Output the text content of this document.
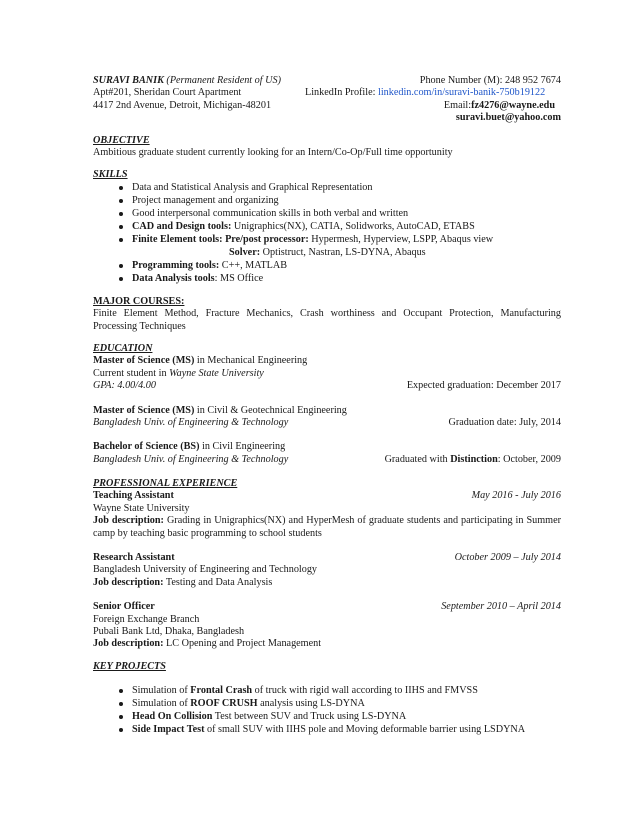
SURAVI BANIK (Permanent Resident of US)	Phone Number (M): 248 952 7674
Apt#201, Sheridan Court Apartment	LinkedIn Profile: linkedin.com/in/suravi-banik-750b19122
4417 2nd Avenue, Detroit, Michigan-48201	Email:fz4276@wayne.edu
suravi.buet@yahoo.com
OBJECTIVE
Ambitious graduate student currently looking for an Intern/Co-Op/Full time opportunity
SKILLS
Data and Statistical Analysis and Graphical Representation
Project management and organizing
Good interpersonal communication skills in both verbal and written
CAD and Design tools: Unigraphics(NX), CATIA, Solidworks, AutoCAD, ETABS
Finite Element tools: Pre/post processor: Hypermesh, Hyperview, LSPP, Abaqus view
Solver: Optistruct, Nastran, LS-DYNA, Abaqus
Programming tools: C++, MATLAB
Data Analysis tools: MS Office
MAJOR COURSES:
Finite Element Method, Fracture Mechanics, Crash worthiness and Occupant Protection, Manufacturing Processing Techniques
EDUCATION
Master of Science (MS) in Mechanical Engineering
Current student in Wayne State University
GPA: 4.00/4.00	Expected graduation: December 2017
Master of Science (MS) in Civil & Geotechnical Engineering
Bangladesh Univ. of Engineering & Technology	Graduation date: July, 2014
Bachelor of Science (BS) in Civil Engineering
Bangladesh Univ. of Engineering & Technology	Graduated with Distinction: October, 2009
PROFESSIONAL EXPERIENCE
Teaching Assistant	May 2016 - July 2016
Wayne State University
Job description: Grading in Unigraphics(NX) and HyperMesh of graduate students and participating in Summer camp by teaching basic programming to school students
Research Assistant	October 2009 – July 2014
Bangladesh University of Engineering and Technology
Job description: Testing and Data Analysis
Senior Officer	September 2010 – April 2014
Foreign Exchange Branch
Pubali Bank Ltd, Dhaka, Bangladesh
Job description: LC Opening and Project Management
KEY PROJECTS
Simulation of Frontal Crash of truck with rigid wall according to IIHS and FMVSS
Simulation of ROOF CRUSH analysis using LS-DYNA
Head On Collision Test between SUV and Truck using LS-DYNA
Side Impact Test of small SUV with IIHS pole and Moving deformable barrier using LSDYNA
